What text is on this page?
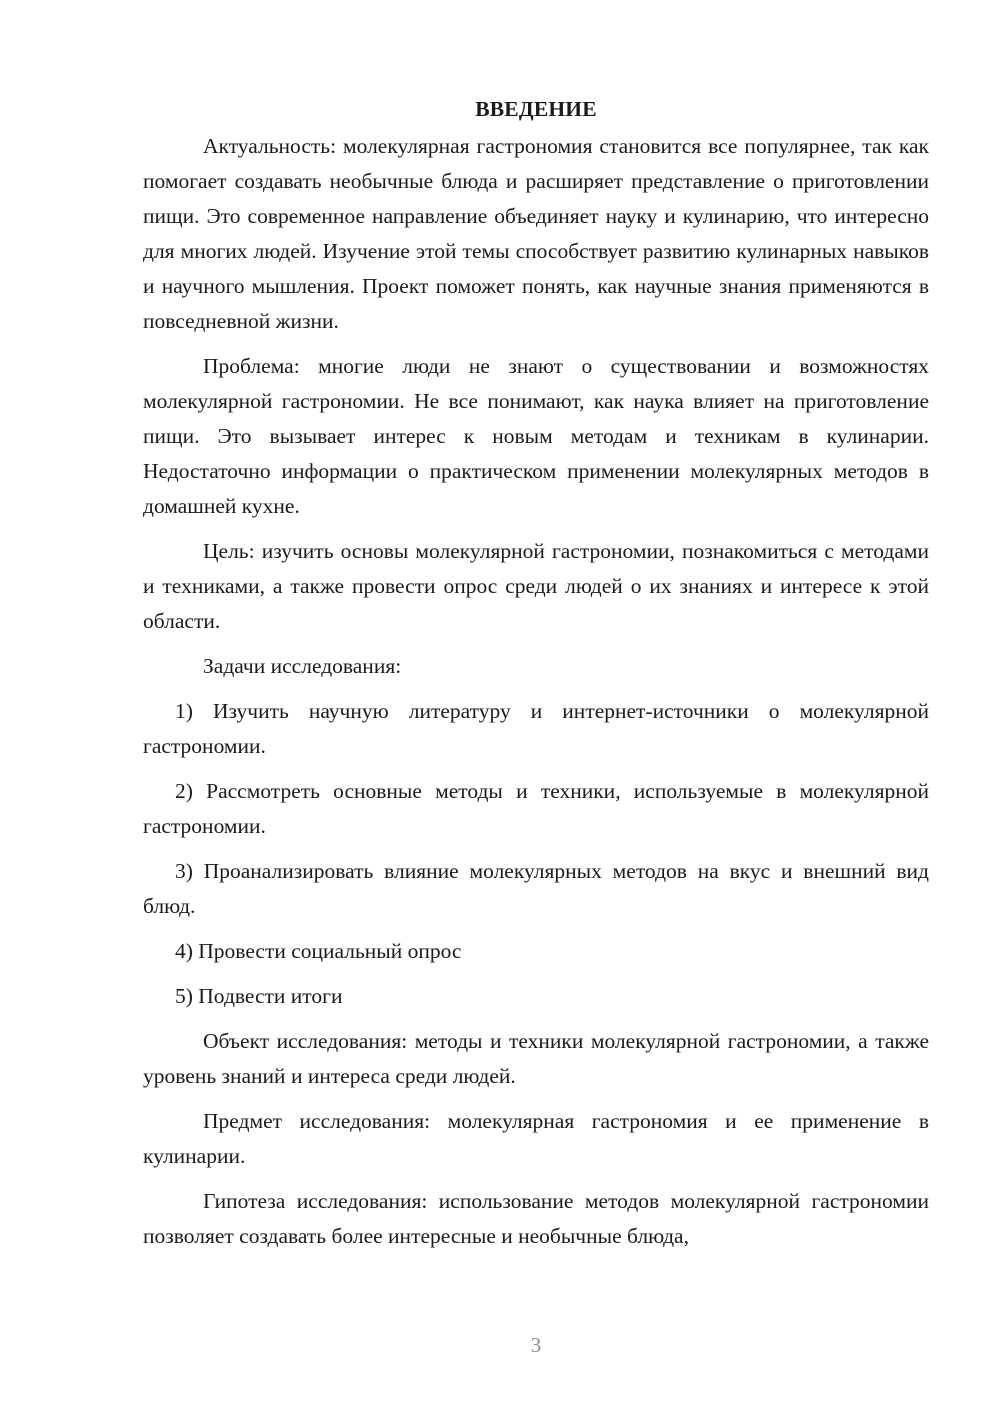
ВВЕДЕНИЕ

Актуальность: молекулярная гастрономия становится все популярнее, так как помогает создавать необычные блюда и расширяет представление о приготовлении пищи. Это современное направление объединяет науку и кулинарию, что интересно для многих людей. Изучение этой темы способствует развитию кулинарных навыков и научного мышления. Проект поможет понять, как научные знания применяются в повседневной жизни.

Проблема: многие люди не знают о существовании и возможностях молекулярной гастрономии. Не все понимают, как наука влияет на приготовление пищи. Это вызывает интерес к новым методам и техникам в кулинарии. Недостаточно информации о практическом применении молекулярных методов в домашней кухне.

Цель: изучить основы молекулярной гастрономии, познакомиться с методами и техниками, а также провести опрос среди людей о их знаниях и интересе к этой области.

Задачи исследования:

1) Изучить научную литературу и интернет-источники о молекулярной гастрономии.

2) Рассмотреть основные методы и техники, используемые в молекулярной гастрономии.

3) Проанализировать влияние молекулярных методов на вкус и внешний вид блюд.

4) Провести социальный опрос

5) Подвести итоги

Объект исследования: методы и техники молекулярной гастрономии, а также уровень знаний и интереса среди людей.

Предмет исследования: молекулярная гастрономия и ее применение в кулинарии.

Гипотеза исследования: использование методов молекулярной гастрономии позволяет создавать более интересные и необычные блюда,

3
